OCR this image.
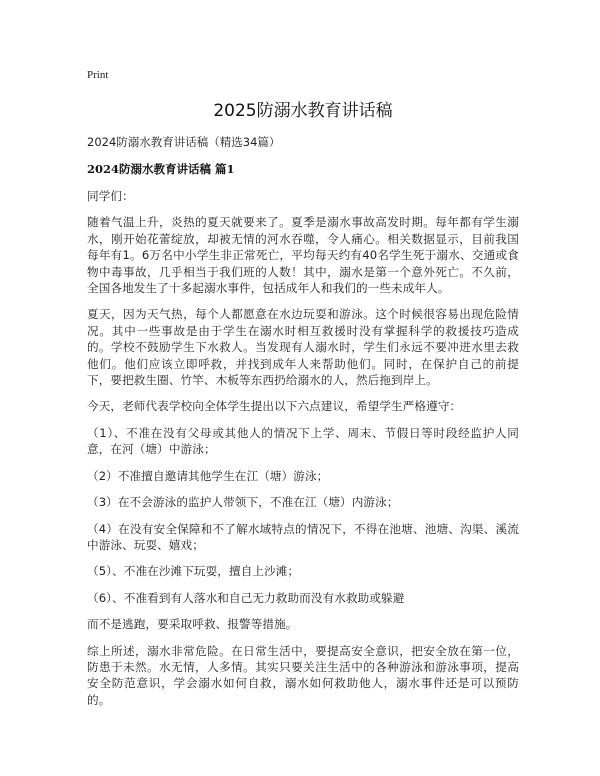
Print
2025防溺水教育讲话稿
2024防溺水教育讲话稿（精选34篇）
2024防溺水教育讲话稿 篇1

同学们：

随着气温上升，炎热的夏天就要来了。夏季是溺水事故高发时期。每年都有学生溺水，刚开始花蕾绽放，却被无情的河水吞噬，令人痛心。相关数据显示，目前我国每年有1。6万名中小学生非正常死亡，平均每天约有40名学生死于溺水、交通或食物中毒事故，几乎相当于我们班的人数！其中，溺水是第一个意外死亡。不久前，全国各地发生了十多起溺水事件，包括成年人和我们的一些未成年人。

夏天，因为天气热，每个人都愿意在水边玩耍和游泳。这个时候很容易出现危险情况。其中一些事故是由于学生在溺水时相互救援时没有掌握科学的救援技巧造成的。学校不鼓励学生下水救人。当发现有人溺水时，学生们永远不要冲进水里去救他们。他们应该立即呼救，并找到成年人来帮助他们。同时，在保护自己的前提下，要把救生圈、竹竿、木板等东西扔给溺水的人，然后拖到岸上。

今天，老师代表学校向全体学生提出以下六点建议，希望学生严格遵守：

（1）、不准在没有父母或其他人的情况下上学、周末、节假日等时段经监护人同意，在河（塘）中游泳；

（2）不准擅自邀请其他学生在江（塘）游泳；

（3）在不会游泳的监护人带领下，不准在江（塘）内游泳；

（4）在没有安全保障和不了解水域特点的情况下，不得在池塘、池塘、沟渠、溪流中游泳、玩耍、嬉戏；

（5）、不准在沙滩下玩耍，擅自上沙滩；

（6）、不准看到有人落水和自己无力救助而没有水救助或躲避

而不是逃跑，要采取呼救、报警等措施。

综上所述，溺水非常危险。在日常生活中，要提高安全意识，把安全放在第一位，防患于未然。水无情，人多情。其实只要关注生活中的各种游泳和游泳事项，提高安全防范意识，学会溺水如何自救，溺水如何救助他人，溺水事件还是可以预防的。
